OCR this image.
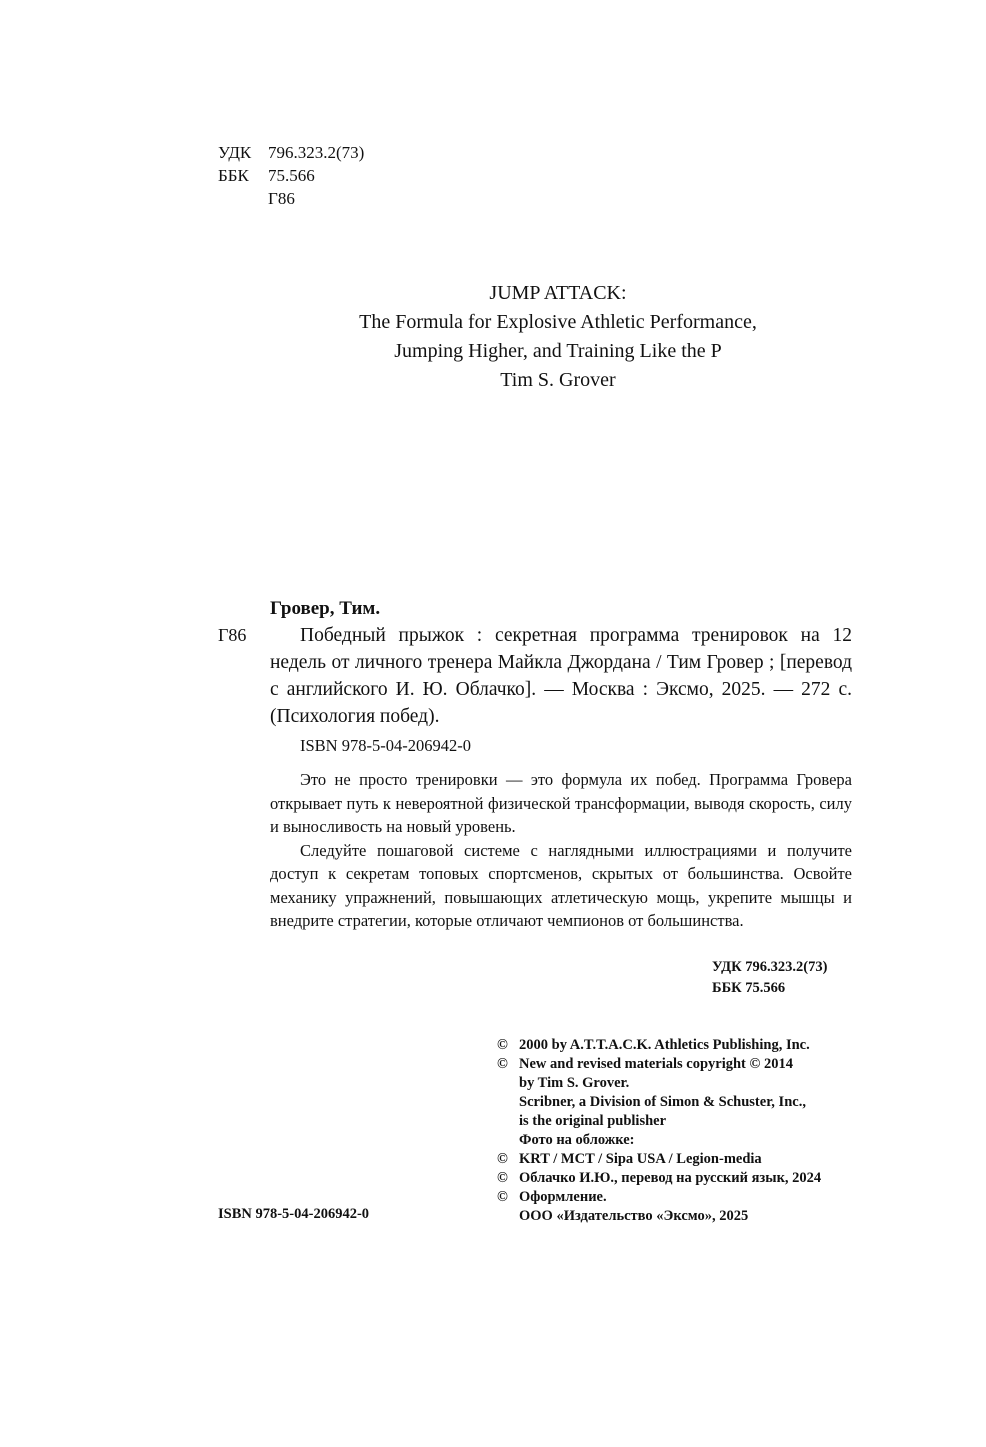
УДК 796.323.2(73)
ББК	75.566
Г86
JUMP ATTACK:
The Formula for Explosive Athletic Performance,
Jumping Higher, and Training Like the P
Tim S. Grover
Гровер, Тим.
Г86	Победный прыжок : секретная программа тренировок на 12 недель от личного тренера Майкла Джордана / Тим Гровер ; [перевод с английского И. Ю. Облачко]. — Москва : Эксмо, 2025. — 272 с. (Психология побед).
ISBN 978-5-04-206942-0

Это не просто тренировки — это формула их побед. Программа Гровера открывает путь к невероятной физической трансформации, выводя скорость, силу и выносливость на новый уровень.

Следуйте пошаговой системе с наглядными иллюстрациями и получите доступ к секретам топовых спортсменов, скрытых от большинства. Освойте механику упражнений, повышающих атлетическую мощь, укрепите мышцы и внедрите стратегии, которые отличают чемпионов от большинства.

УДК 796.323.2(73)
ББК 75.566
© 2000 by A.T.T.A.C.K. Athletics Publishing, Inc.
© New and revised materials copyright © 2014
by Tim S. Grover.
Scribner, a Division of Simon & Schuster, Inc.,
is the original publisher
Фото на обложке:
© KRT / MCT / Sipa USA / Legion-media
© Облачко И.Ю., перевод на русский язык, 2024
© Оформление.
ООО «Издательство «Эксмо», 2025
ISBN 978-5-04-206942-0
